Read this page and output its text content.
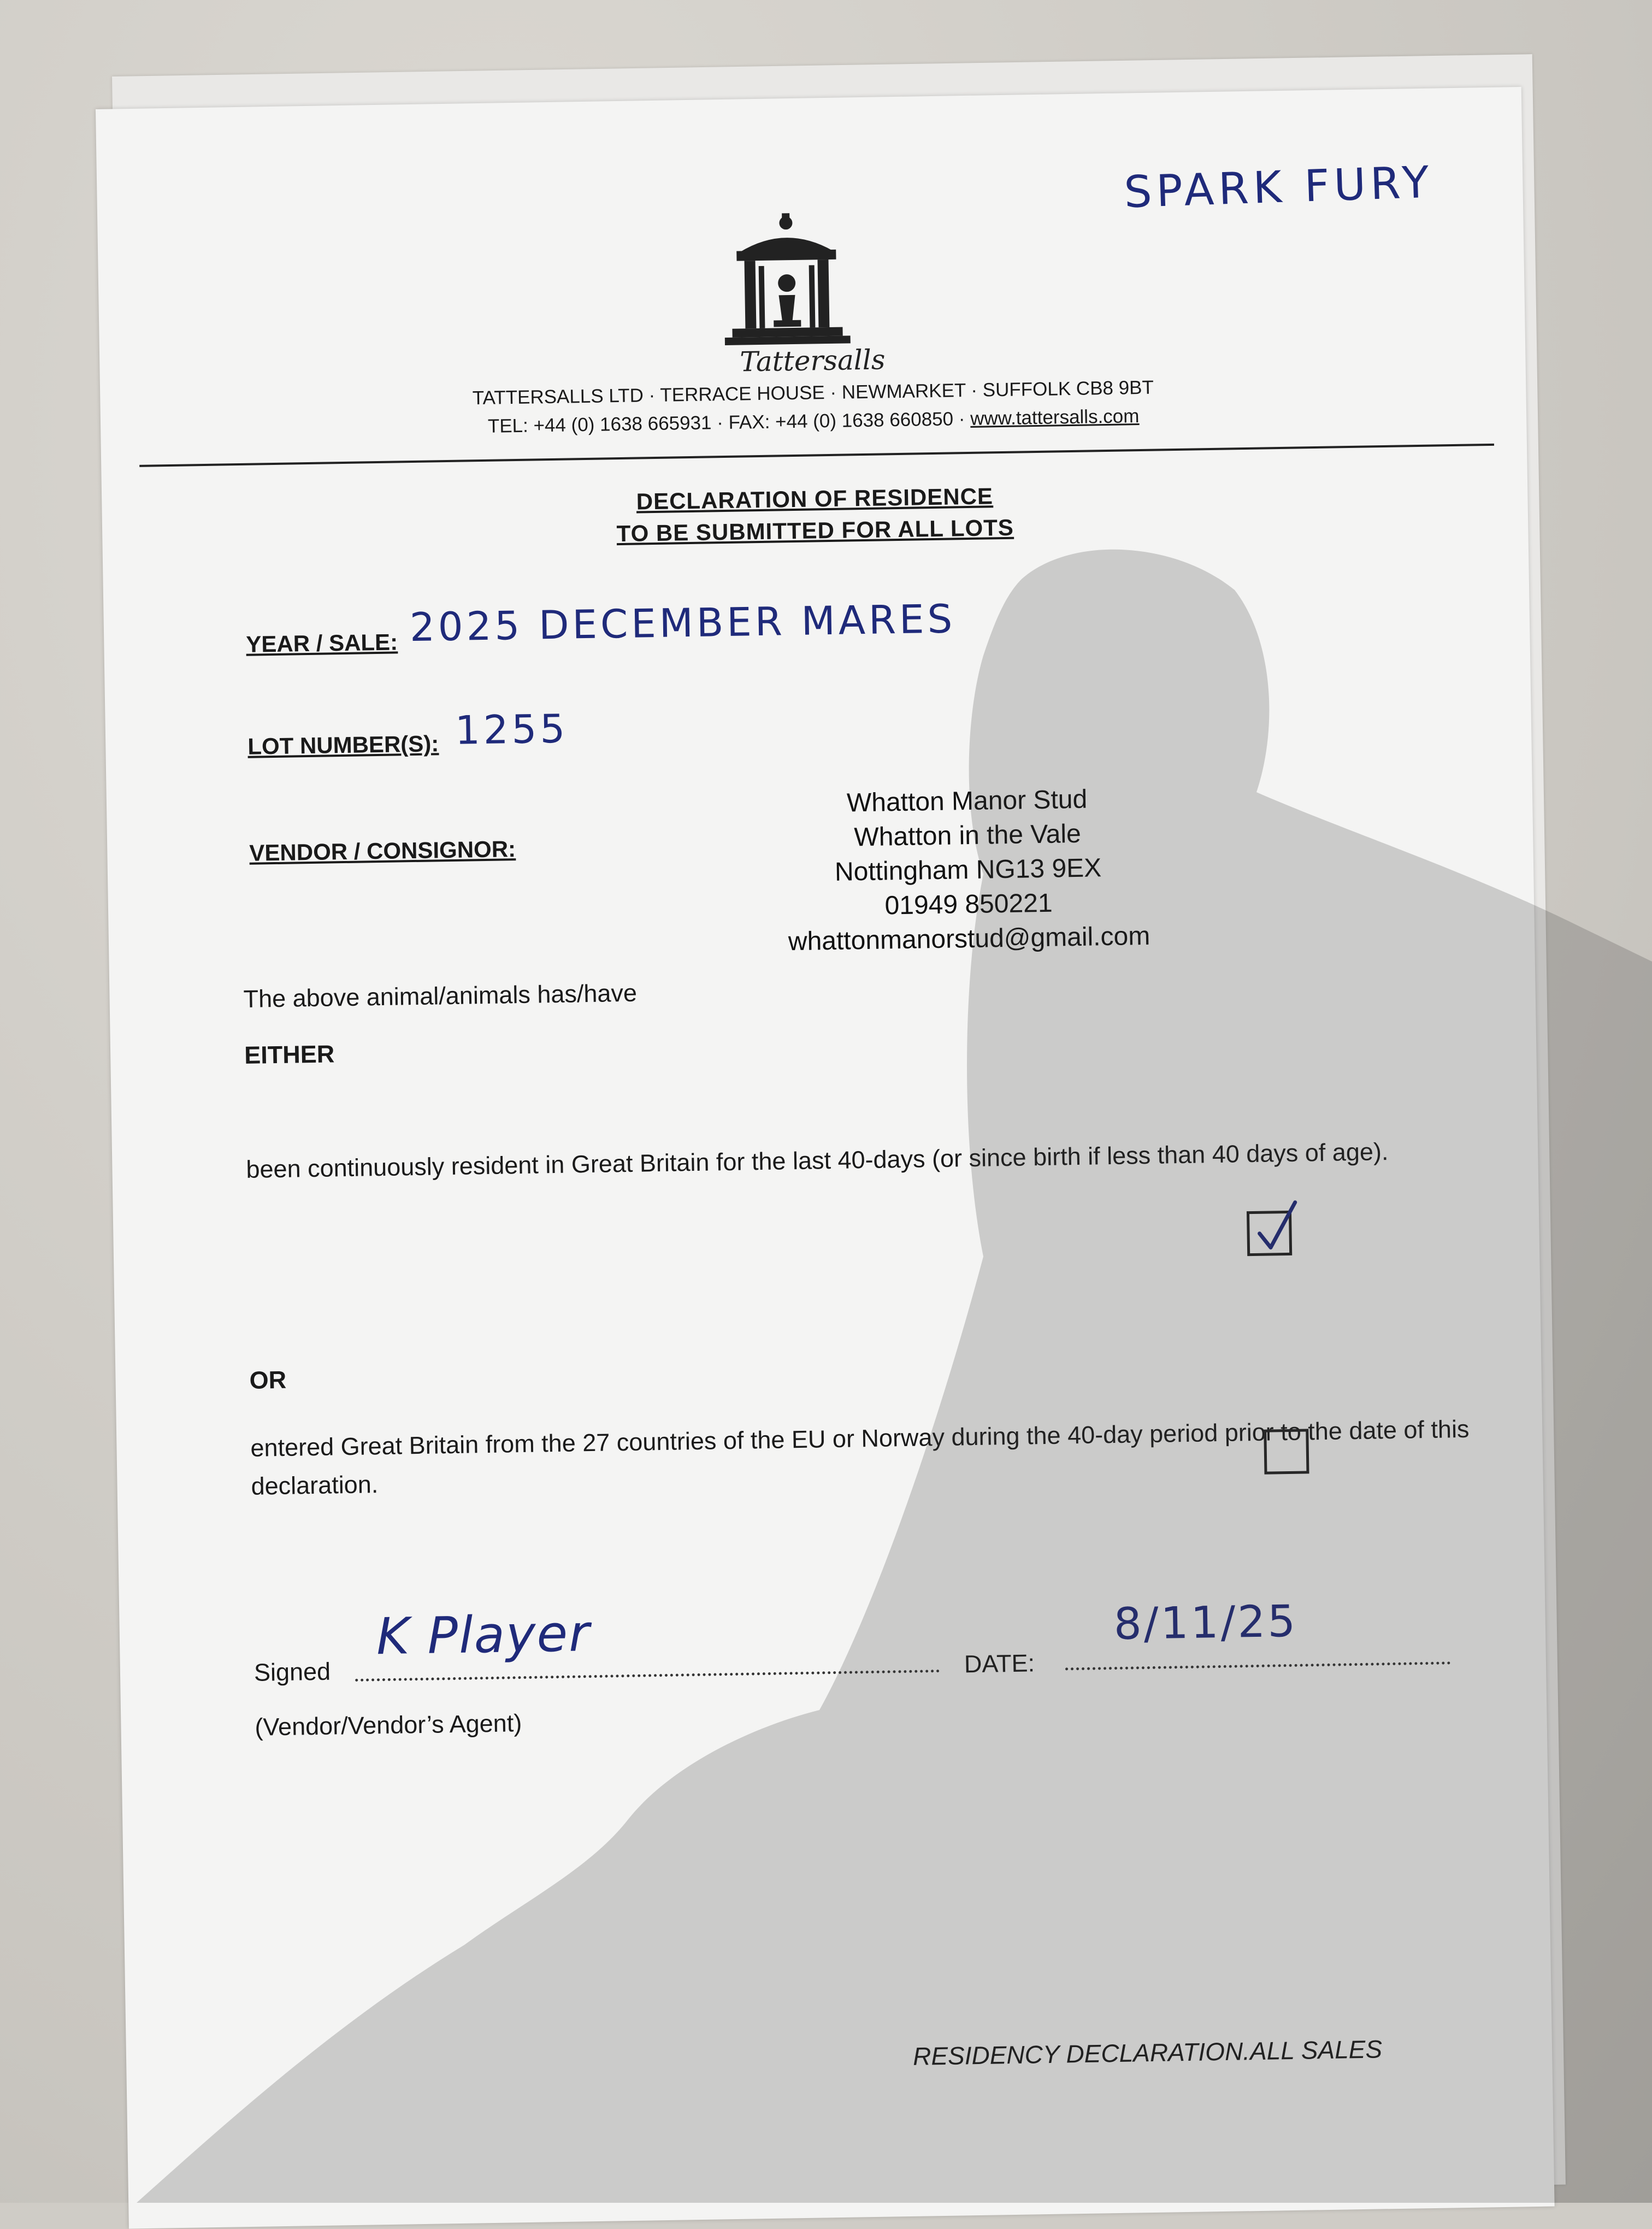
SPARK FURY
Tattersalls
TATTERSALLS LTD · TERRACE HOUSE · NEWMARKET · SUFFOLK CB8 9BT
TEL: +44 (0) 1638 665931 · FAX: +44 (0) 1638 660850 · www.tattersalls.com
DECLARATION OF RESIDENCE
TO BE SUBMITTED FOR ALL LOTS
YEAR / SALE: 2025 DECEMBER MARES
LOT NUMBER(S): 1255
VENDOR / CONSIGNOR:
Whatton Manor Stud
Whatton in the Vale
Nottingham NG13 9EX
01949 850221
whattonmanorstud@gmail.com
The above animal/animals has/have
EITHER
been continuously resident in Great Britain for the last 40-days (or since birth if less than 40 days of age).
OR
entered Great Britain from the 27 countries of the EU or Norway during the 40-day period prior to the date of this declaration.
Signed
K Player	DATE:
8/11/25
(Vendor/Vendor’s Agent)
RESIDENCY DECLARATION.ALL SALES
